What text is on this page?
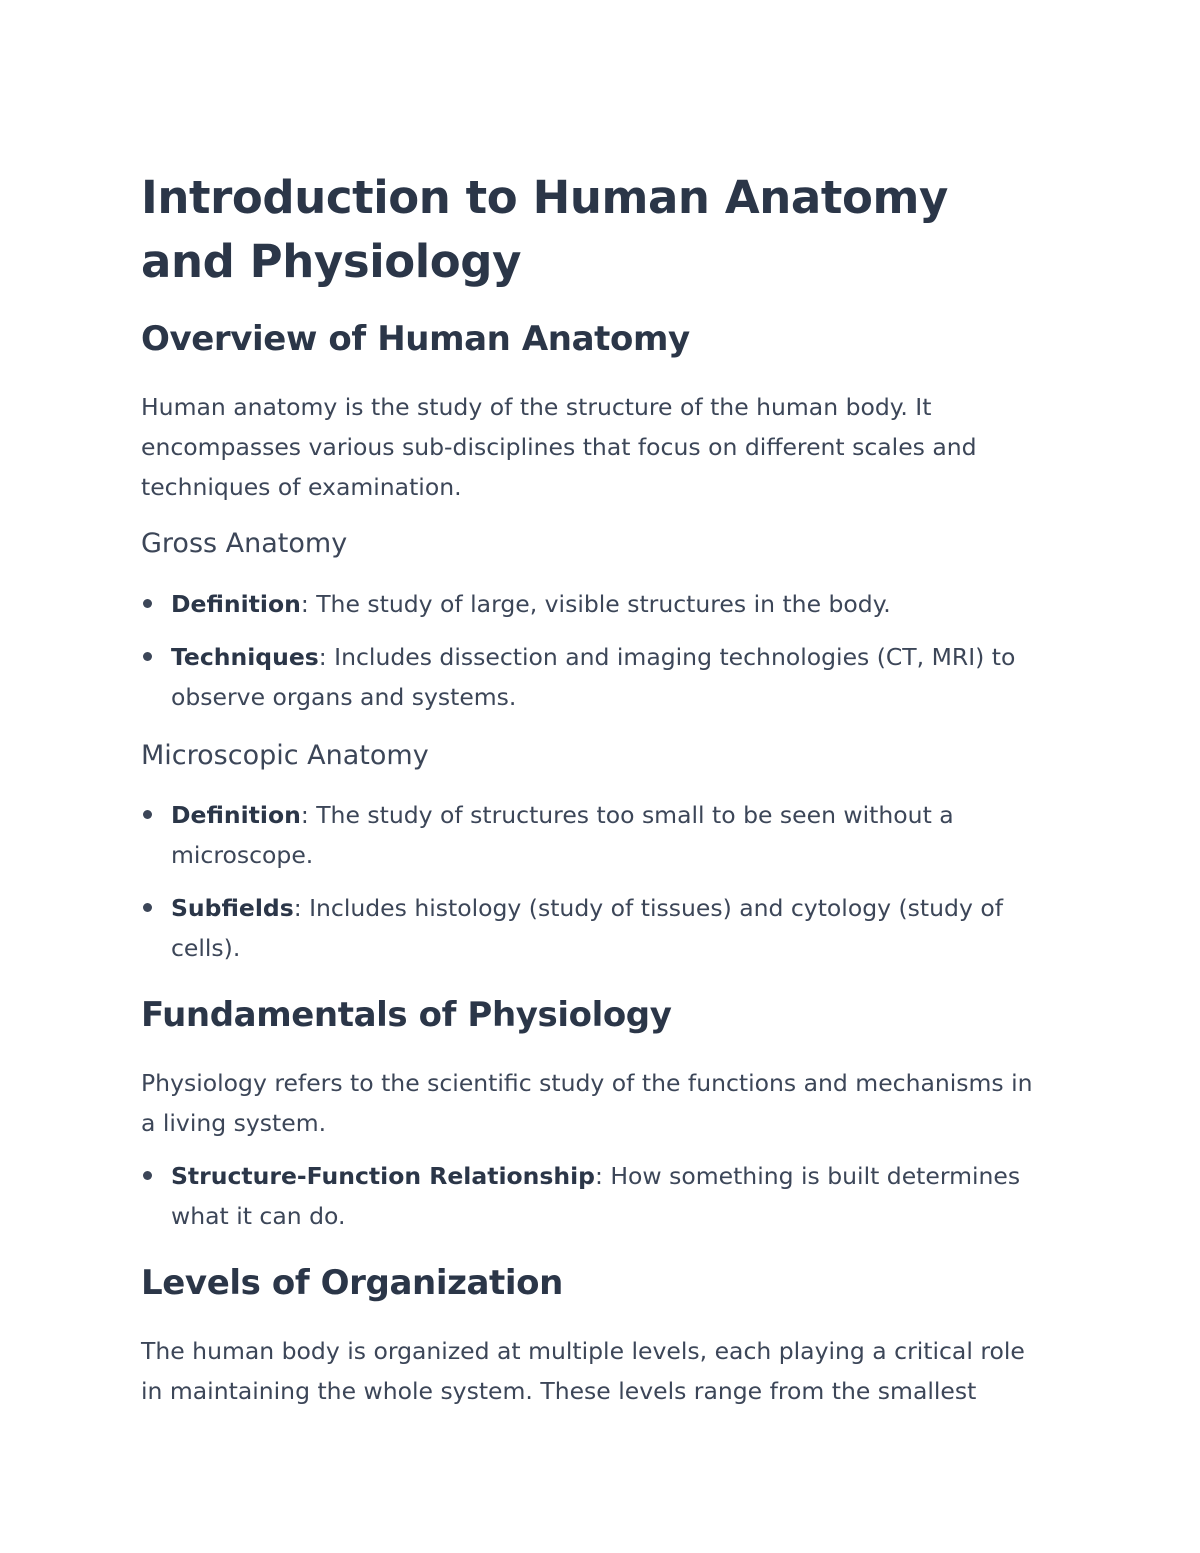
Introduction to Human Anatomy and Physiology
Overview of Human Anatomy

Human anatomy is the study of the structure of the human body. It encompasses various sub-disciplines that focus on different scales and techniques of examination.

Gross Anatomy
Definition: The study of large, visible structures in the body.
Techniques: Includes dissection and imaging technologies (CT, MRI) to observe organs and systems.
Microscopic Anatomy
Definition: The study of structures too small to be seen without a microscope.
Subfields: Includes histology (study of tissues) and cytology (study of cells).
Fundamentals of Physiology

Physiology refers to the scientific study of the functions and mechanisms in a living system.

Structure-Function Relationship: How something is built determines what it can do.
Levels of Organization

The human body is organized at multiple levels, each playing a critical role in maintaining the whole system. These levels range from the smallest
